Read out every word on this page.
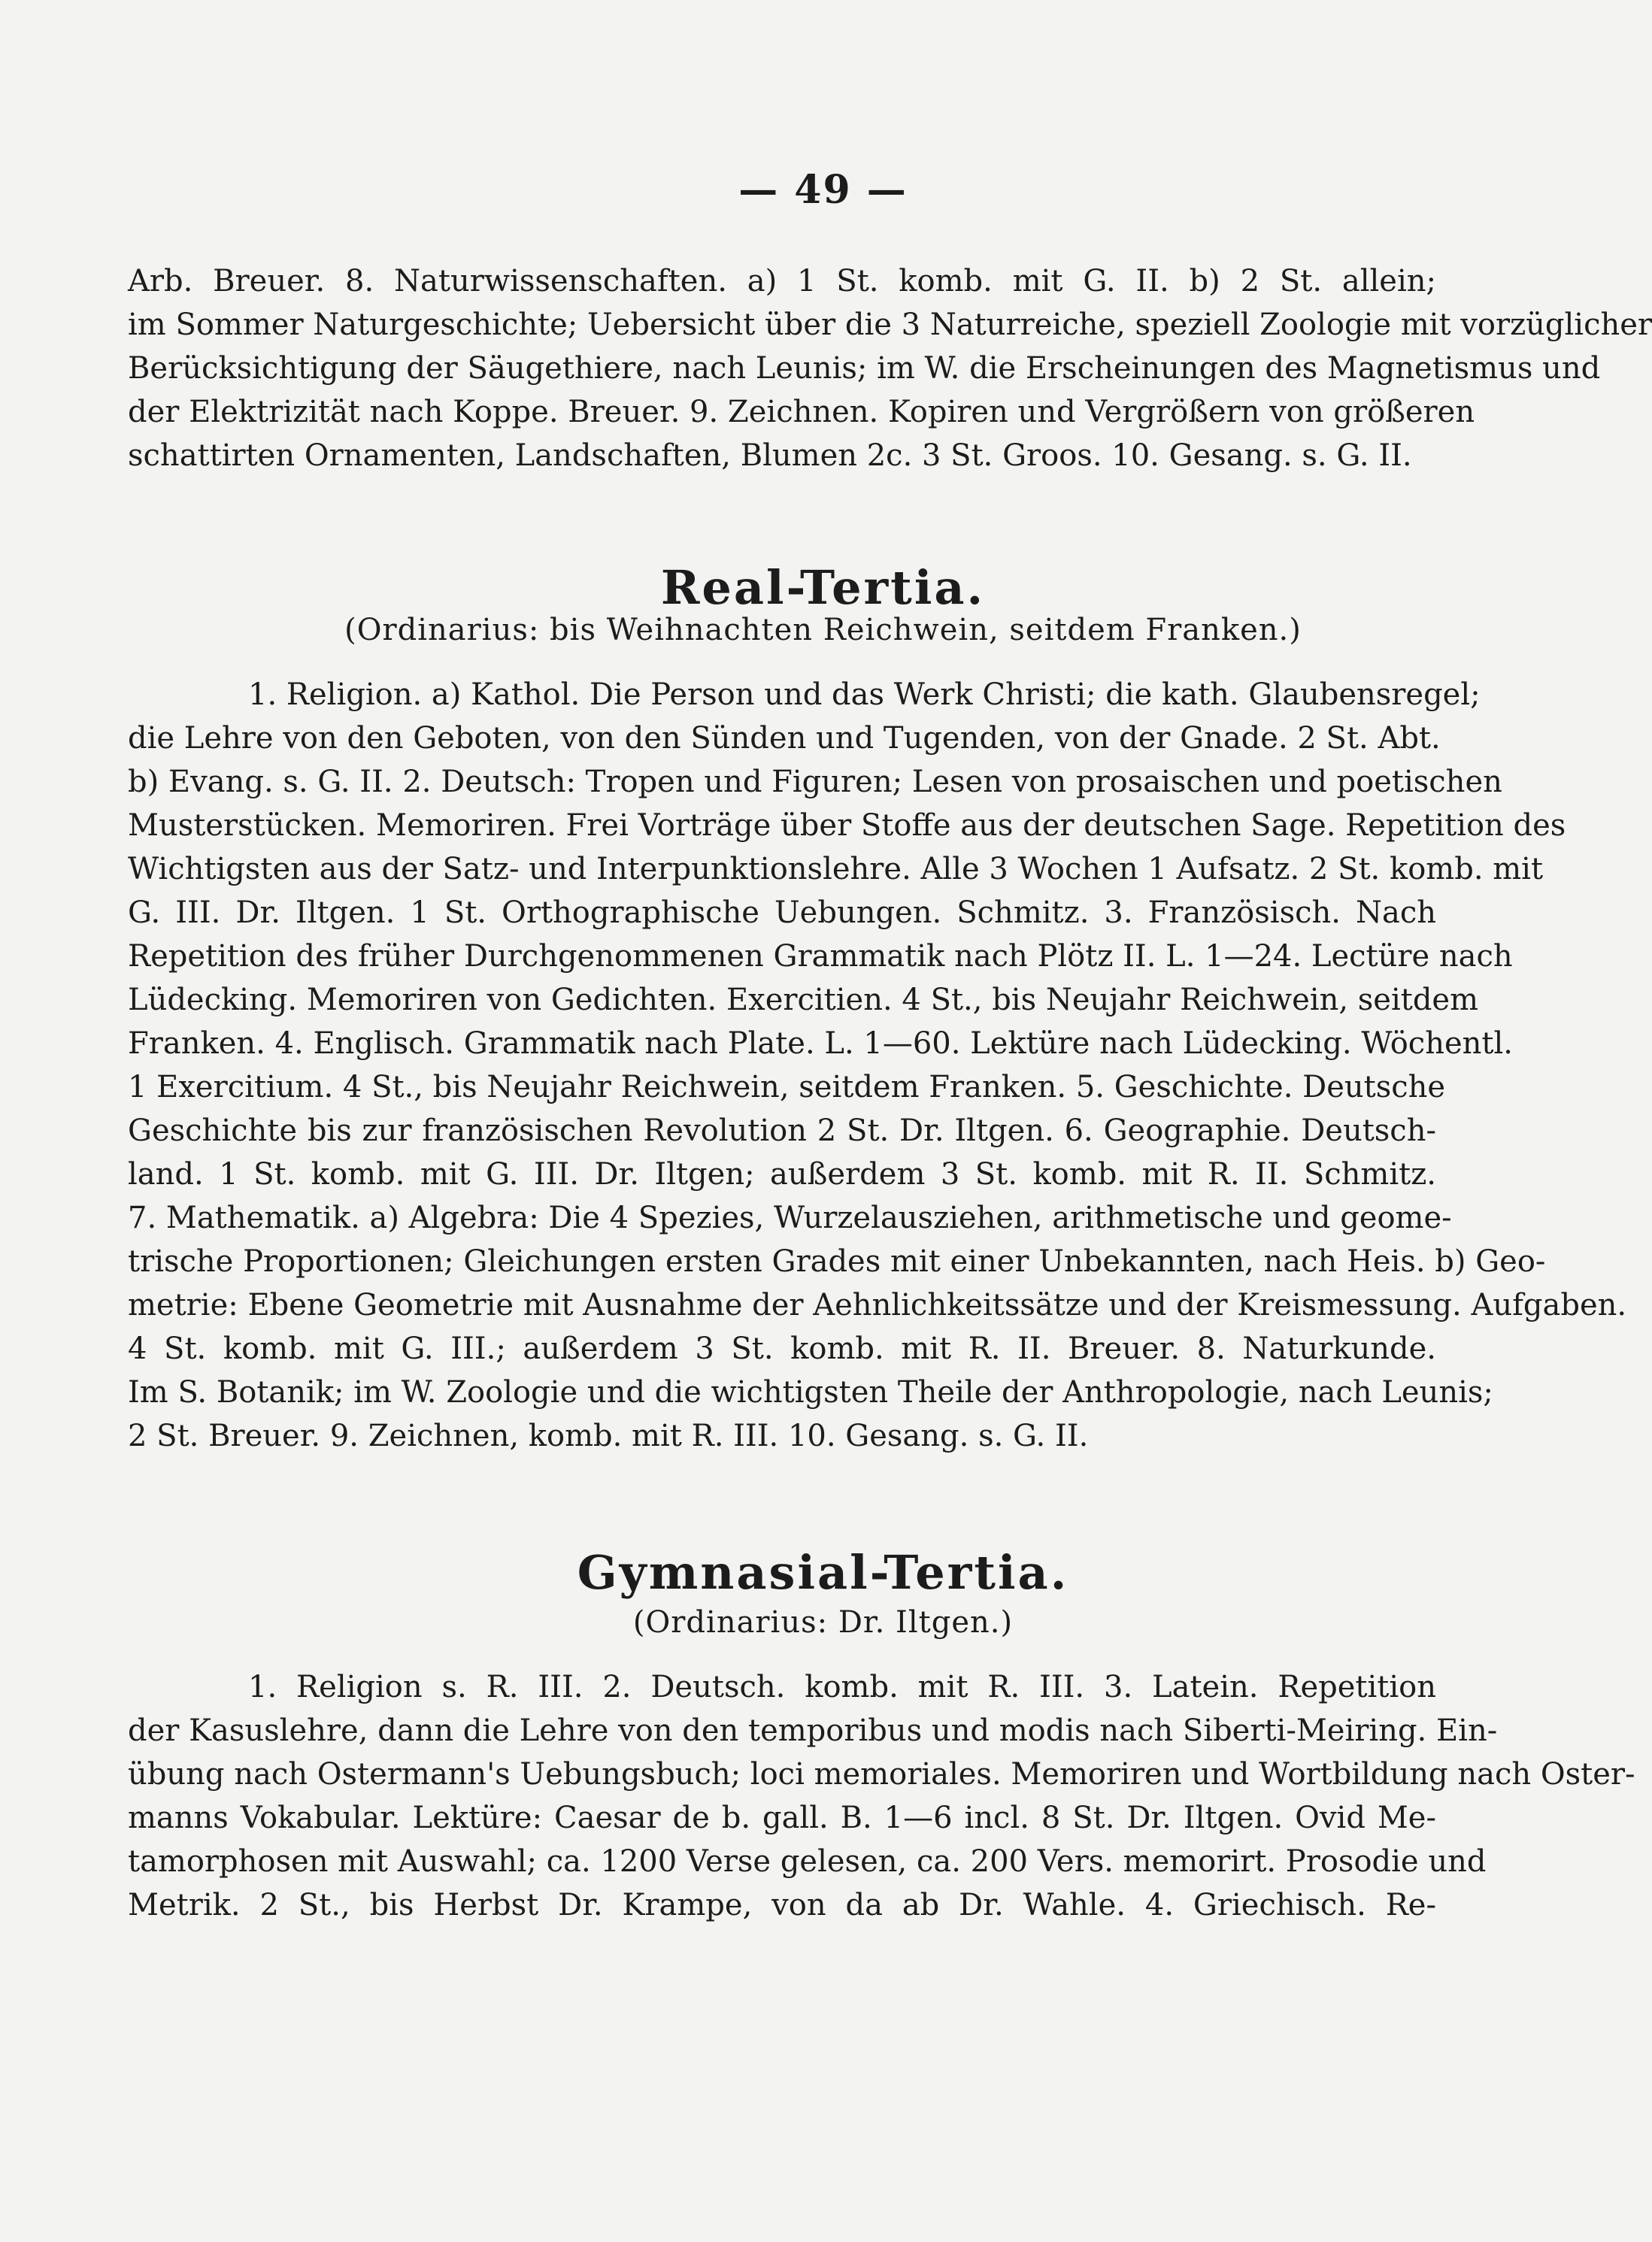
— 49 —
Arb. Breuer. 8. Naturwissenschaften. a) 1 St. komb. mit G. II. b) 2 St. allein;
im Sommer Naturgeschichte; Uebersicht über die 3 Naturreiche, speziell Zoologie mit vorzüglicher
Berücksichtigung der Säugethiere, nach Leunis; im W. die Erscheinungen des Magnetismus und
der Elektrizität nach Koppe. Breuer. 9. Zeichnen. Kopiren und Vergrößern von größeren
schattirten Ornamenten, Landschaften, Blumen 2c. 3 St. Groos. 10. Gesang. s. G. II.
Real-Tertia.
(Ordinarius: bis Weihnachten Reichwein, seitdem Franken.)
1. Religion. a) Kathol. Die Person und das Werk Christi; die kath. Glaubensregel;
die Lehre von den Geboten, von den Sünden und Tugenden, von der Gnade. 2 St. Abt.
b) Evang. s. G. II. 2. Deutsch: Tropen und Figuren; Lesen von prosaischen und poetischen
Musterstücken. Memoriren. Frei Vorträge über Stoffe aus der deutschen Sage. Repetition des
Wichtigsten aus der Satz- und Interpunktionslehre. Alle 3 Wochen 1 Aufsatz. 2 St. komb. mit
G. III. Dr. Iltgen. 1 St. Orthographische Uebungen. Schmitz. 3. Französisch. Nach
Repetition des früher Durchgenommenen Grammatik nach Plötz II. L. 1—24. Lectüre nach
Lüdecking. Memoriren von Gedichten. Exercitien. 4 St., bis Neujahr Reichwein, seitdem
Franken. 4. Englisch. Grammatik nach Plate. L. 1—60. Lektüre nach Lüdecking. Wöchentl.
1 Exercitium. 4 St., bis Neujahr Reichwein, seitdem Franken. 5. Geschichte. Deutsche
Geschichte bis zur französischen Revolution 2 St. Dr. Iltgen. 6. Geographie. Deutsch-
land. 1 St. komb. mit G. III. Dr. Iltgen; außerdem 3 St. komb. mit R. II. Schmitz.
7. Mathematik. a) Algebra: Die 4 Spezies, Wurzelausziehen, arithmetische und geome-
trische Proportionen; Gleichungen ersten Grades mit einer Unbekannten, nach Heis. b) Geo-
metrie: Ebene Geometrie mit Ausnahme der Aehnlichkeitssätze und der Kreismessung. Aufgaben.
4 St. komb. mit G. III.; außerdem 3 St. komb. mit R. II. Breuer. 8. Naturkunde.
Im S. Botanik; im W. Zoologie und die wichtigsten Theile der Anthropologie, nach Leunis;
2 St. Breuer. 9. Zeichnen, komb. mit R. III. 10. Gesang. s. G. II.
Gymnasial-Tertia.
(Ordinarius: Dr. Iltgen.)
1. Religion s. R. III. 2. Deutsch. komb. mit R. III. 3. Latein. Repetition
der Kasuslehre, dann die Lehre von den temporibus und modis nach Siberti-Meiring. Ein-
übung nach Ostermann's Uebungsbuch; loci memoriales. Memoriren und Wortbildung nach Oster-
manns Vokabular. Lektüre: Caesar de b. gall. B. 1—6 incl. 8 St. Dr. Iltgen. Ovid Me-
tamorphosen mit Auswahl; ca. 1200 Verse gelesen, ca. 200 Vers. memorirt. Prosodie und
Metrik. 2 St., bis Herbst Dr. Krampe, von da ab Dr. Wahle. 4. Griechisch. Re-
